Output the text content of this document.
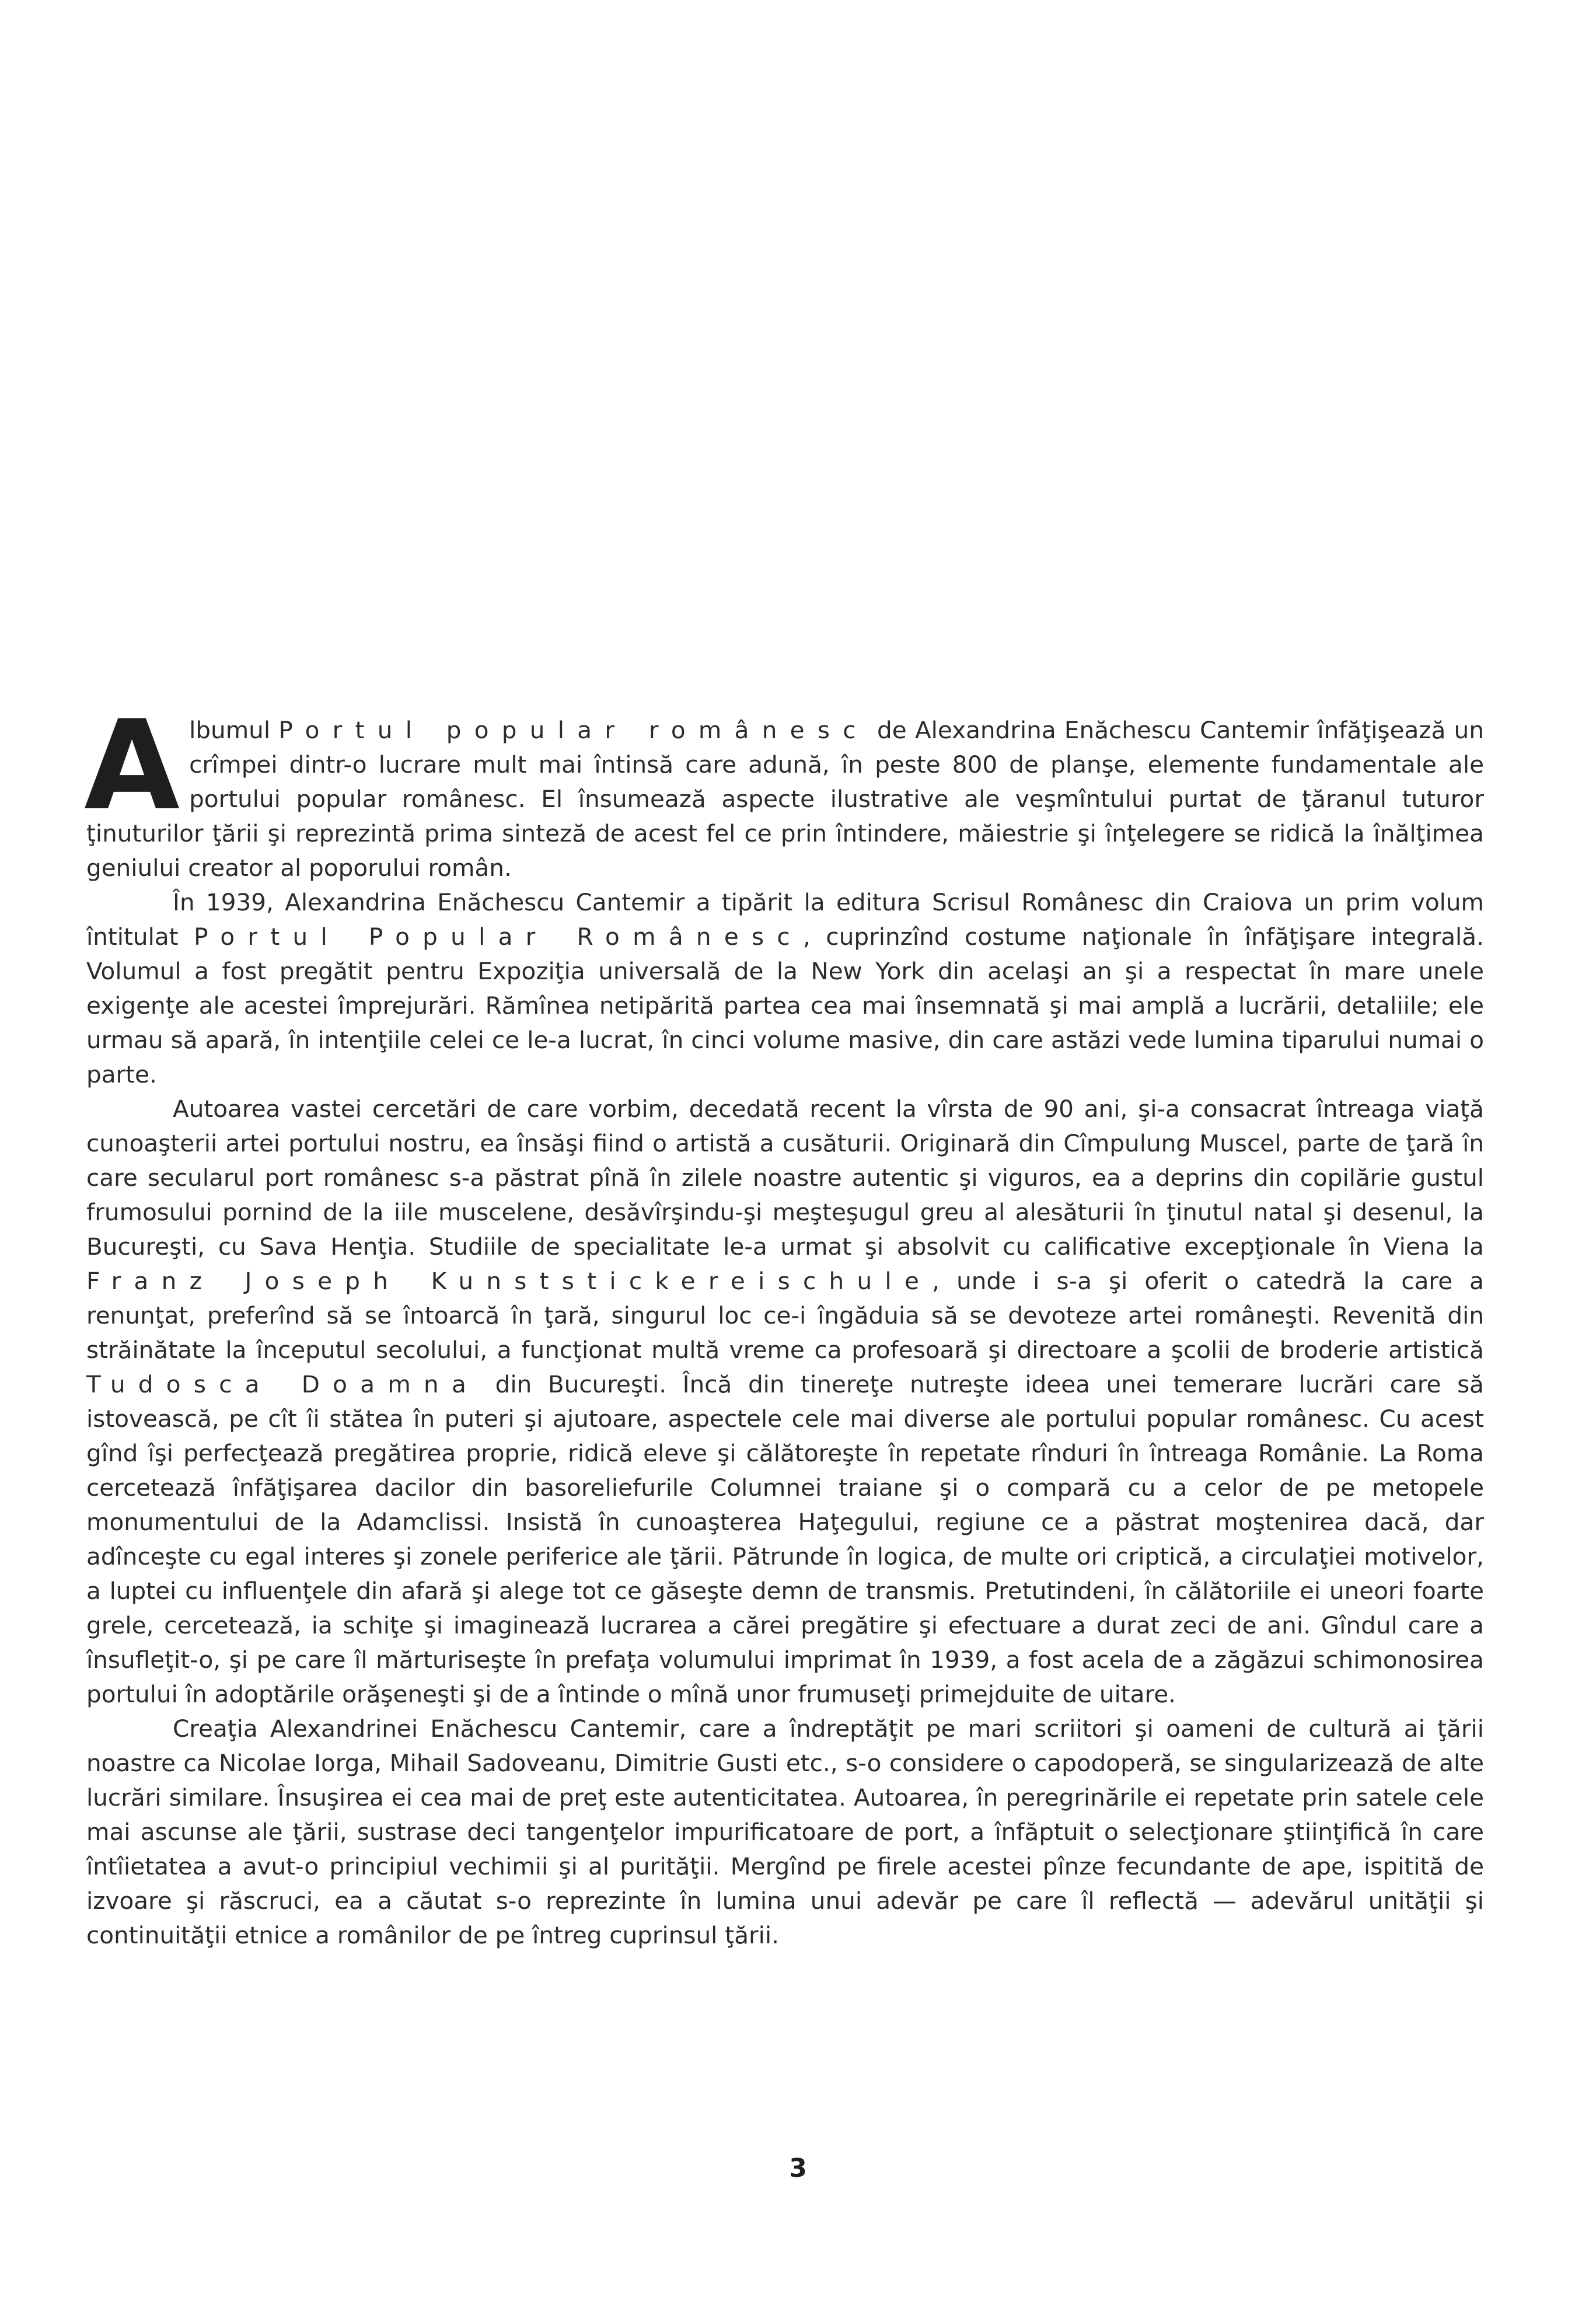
Albumul Portul popular românesc de Alexandrina Enăchescu Cantemir înfăţişează un crîmpei dintr-o lucrare mult mai întinsă care adună, în peste 800 de planşe, elemente fundamentale ale portului popular românesc. El însumează aspecte ilustrative ale veşmîntului purtat de ţăranul tuturor ţinuturilor ţării şi reprezintă prima sinteză de acest fel ce prin întindere, măiestrie şi înţelegere se ridică la înălţimea geniului creator al poporului român.

În 1939, Alexandrina Enăchescu Cantemir a tipărit la editura Scrisul Românesc din Craiova un prim volum întitulat Portul Popular Românesc, cuprinzînd costume naţionale în înfăţişare integrală. Volumul a fost pregătit pentru Expoziţia universală de la New York din acelaşi an şi a respectat în mare unele exigenţe ale acestei împrejurări. Rămînea netipărită partea cea mai însemnată şi mai amplă a lucrării, detaliile; ele urmau să apară, în intenţiile celei ce le-a lucrat, în cinci volume masive, din care astăzi vede lumina tiparului numai o parte.

Autoarea vastei cercetări de care vorbim, decedată recent la vîrsta de 90 ani, şi-a consacrat întreaga viaţă cunoaşterii artei portului nostru, ea însăşi fiind o artistă a cusăturii. Originară din Cîmpulung Muscel, parte de ţară în care secularul port românesc s-a păstrat pînă în zilele noastre autentic şi viguros, ea a deprins din copilărie gustul frumosului pornind de la iile muscelene, desăvîrşindu-şi meşteşugul greu al alesăturii în ţinutul natal şi desenul, la Bucureşti, cu Sava Henţia. Studiile de specialitate le-a urmat şi absolvit cu calificative excepţionale în Viena la Franz Joseph Kunststickereischule, unde i s-a şi oferit o catedră la care a renunţat, preferînd să se întoarcă în ţară, singurul loc ce-i îngăduia să se devoteze artei româneşti. Revenită din străinătate la începutul secolului, a funcţionat multă vreme ca profesoară şi directoare a şcolii de broderie artistică Tudosca Doamna din Bucureşti. Încă din tinereţe nutreşte ideea unei temerare lucrări care să istovească, pe cît îi stătea în puteri şi ajutoare, aspectele cele mai diverse ale portului popular românesc. Cu acest gînd îşi perfecţează pregătirea proprie, ridică eleve şi călătoreşte în repetate rînduri în întreaga Românie. La Roma cercetează înfăţişarea dacilor din basoreliefurile Columnei traiane şi o compară cu a celor de pe metopele monumentului de la Adamclissi. Insistă în cunoaşterea Haţegului, regiune ce a păstrat moştenirea dacă, dar adînceşte cu egal interes şi zonele periferice ale ţării. Pătrunde în logica, de multe ori criptică, a circulaţiei motivelor, a luptei cu influenţele din afară şi alege tot ce găseşte demn de transmis. Pretutindeni, în călătoriile ei uneori foarte grele, cercetează, ia schiţe şi imaginează lucrarea a cărei pregătire şi efectuare a durat zeci de ani. Gîndul care a însufleţit-o, şi pe care îl mărturiseşte în prefaţa volumului imprimat în 1939, a fost acela de a zăgăzui schimonosirea portului în adoptările orăşeneşti şi de a întinde o mînă unor frumuseţi primejduite de uitare.

Creaţia Alexandrinei Enăchescu Cantemir, care a îndreptăţit pe mari scriitori şi oameni de cultură ai ţării noastre ca Nicolae Iorga, Mihail Sadoveanu, Dimitrie Gusti etc., s-o considere o capodoperă, se singularizează de alte lucrări similare. Însuşirea ei cea mai de preţ este autenticitatea. Autoarea, în peregrinările ei repetate prin satele cele mai ascunse ale ţării, sustrase deci tangenţelor impurificatoare de port, a înfăptuit o selecţionare ştiinţifică în care întîietatea a avut-o principiul vechimii şi al purităţii. Mergînd pe firele acestei pînze fecundante de ape, ispitită de izvoare şi răscruci, ea a căutat s-o reprezinte în lumina unui adevăr pe care îl reflectă — adevărul unităţii şi continuităţii etnice a românilor de pe întreg cuprinsul ţării.

3
